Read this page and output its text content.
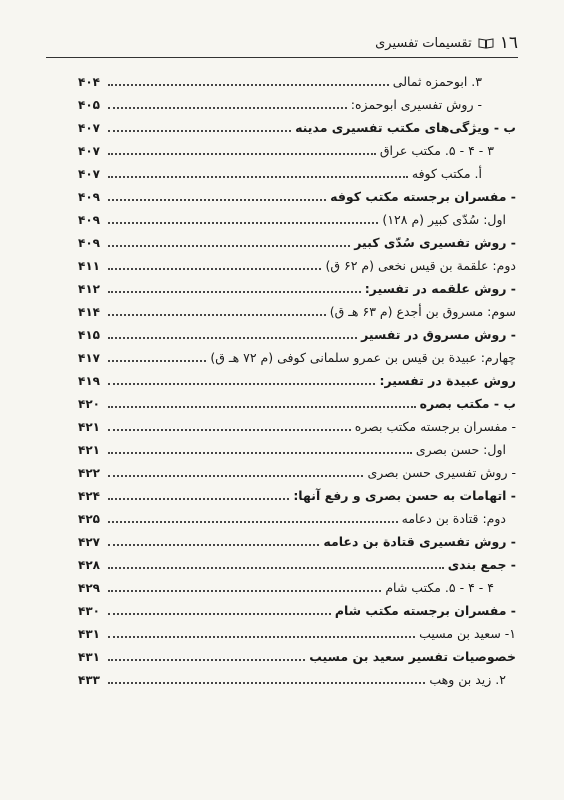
١٦
تقسیمات تفسیری
۳. ابوحمزه ثمالی
۴۰۴
- روش تفسیری ابوحمزه:
۴۰۵
ب - ویژگی‌های مکتب تفسیری مدینه
۴۰۷
۳ - ۴ - ۵. مکتب عراق
۴۰۷
أ. مکتب کوفه
۴۰۷
- مفسران برجسته مکتب کوفه
۴۰۹
اول: سُدّی کبیر (م ۱۲۸)
۴۰۹
- روش تفسیری سُدّی کبیر
۴۰۹
دوم: علقمة بن قیس نخعی (م ۶۲ ق)
۴۱۱
- روش علقمه در تفسیر:
۴۱۲
سوم: مسروق بن أجدع (م ۶۳ هـ ق)
۴۱۴
- روش مسروق در تفسیر
۴۱۵
چهارم: عبیدة بن قیس بن عمرو سلمانی کوفی (م ۷۲ هـ ق)
۴۱۷
روش عبیدة در تفسیر:
۴۱۹
ب - مکتب بصره
۴۲۰
- مفسران برجسته مکتب بصره
۴۲۱
اول: حسن بصری
۴۲۱
- روش تفسیری حسن بصری
۴۲۲
- اتهامات به حسن بصری و رفع آنها:
۴۲۴
دوم: قتادة بن دعامه
۴۲۵
- روش تفسیری قتادة بن دعامه
۴۲۷
- جمع بندی
۴۲۸
۴ - ۴ - ۵. مکتب شام
۴۲۹
- مفسران برجسته مکتب شام
۴۳۰
۱- سعید بن مسیب
۴۳۱
خصوصیات تفسیر سعید بن مسیب
۴۳۱
۲. زید بن وهب
۴۳۳
